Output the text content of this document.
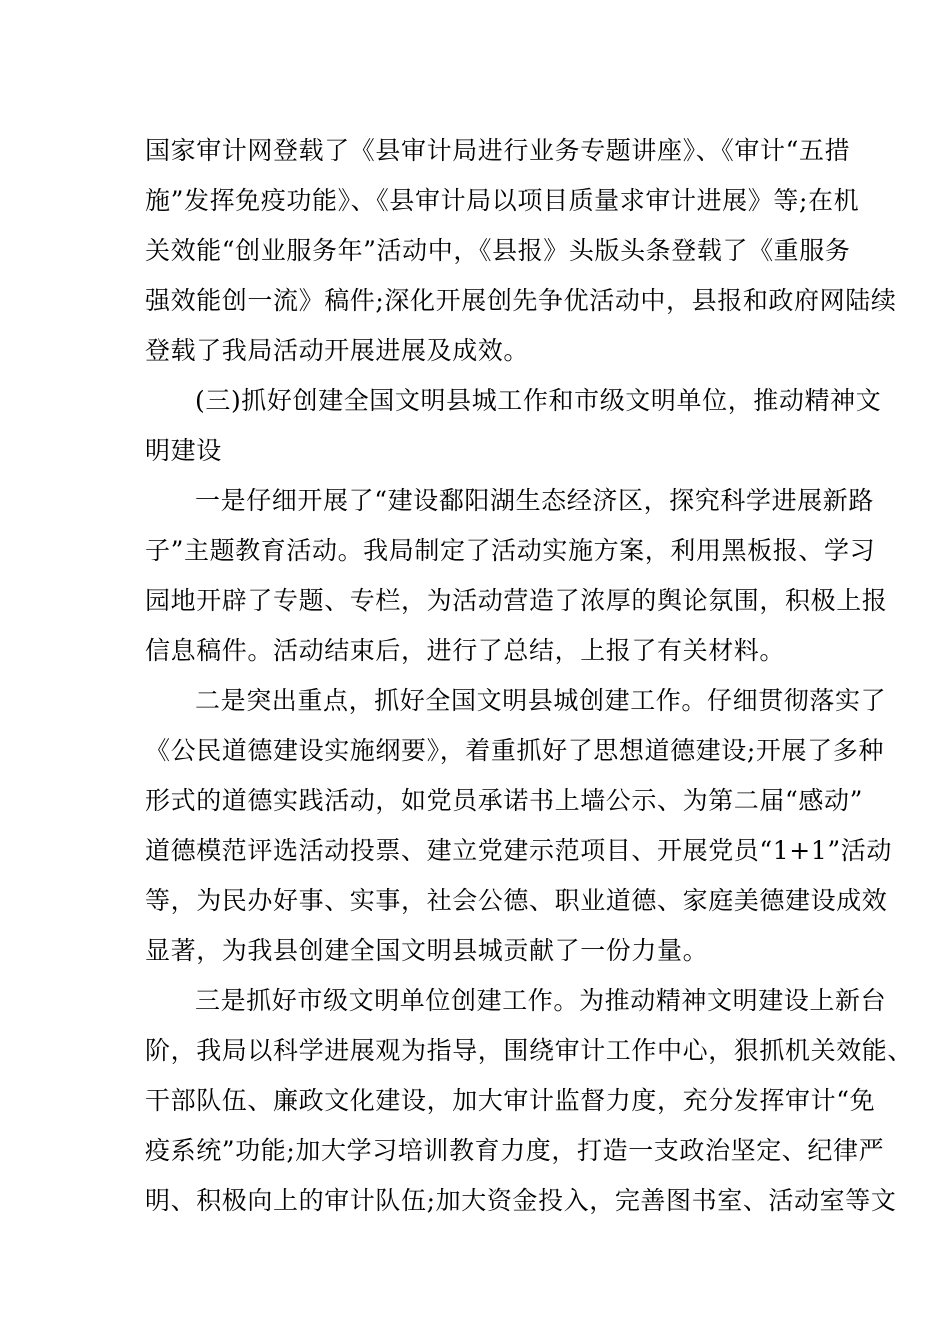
国家审计网登载了《县审计局进行业务专题讲座》、《审计“五措

施”发挥免疫功能》、《县审计局以项目质量求审计进展》等;在机

关效能“创业服务年”活动中，《县报》头版头条登载了《重服务

强效能创一流》稿件;深化开展创先争优活动中，县报和政府网陆续

登载了我局活动开展进展及成效。

(三)抓好创建全国文明县城工作和市级文明单位，推动精神文

明建设

一是仔细开展了“建设鄱阳湖生态经济区，探究科学进展新路

子”主题教育活动。我局制定了活动实施方案，利用黑板报、学习

园地开辟了专题、专栏，为活动营造了浓厚的舆论氛围，积极上报

信息稿件。活动结束后，进行了总结，上报了有关材料。

二是突出重点，抓好全国文明县城创建工作。仔细贯彻落实了

《公民道德建设实施纲要》，着重抓好了思想道德建设;开展了多种

形式的道德实践活动，如党员承诺书上墙公示、为第二届“感动”

道德模范评选活动投票、建立党建示范项目、开展党员“1+1”活动

等，为民办好事、实事，社会公德、职业道德、家庭美德建设成效

显著，为我县创建全国文明县城贡献了一份力量。

三是抓好市级文明单位创建工作。为推动精神文明建设上新台

阶，我局以科学进展观为指导，围绕审计工作中心，狠抓机关效能、

干部队伍、廉政文化建设，加大审计监督力度，充分发挥审计“免

疫系统”功能;加大学习培训教育力度，打造一支政治坚定、纪律严

明、积极向上的审计队伍;加大资金投入，完善图书室、活动室等文
